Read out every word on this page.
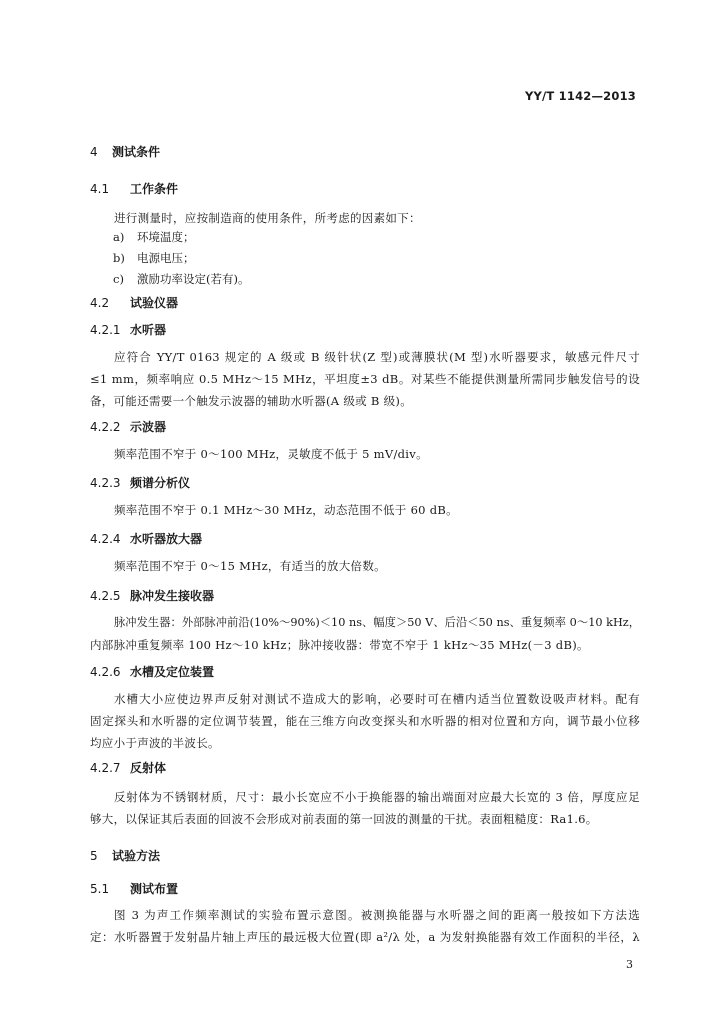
YY/T 1142—2013
4 测试条件
4.1 工作条件
进行测量时，应按制造商的使用条件，所考虑的因素如下：
a) 环境温度；
b) 电源电压；
c) 激励功率设定(若有)。
4.2 试验仪器
4.2.1 水听器
应符合 YY/T 0163 规定的 A 级或 B 级针状(Z 型)或薄膜状(M 型)水听器要求，敏感元件尺寸
≤1 mm，频率响应 0.5 MHz～15 MHz，平坦度±3 dB。对某些不能提供测量所需同步触发信号的设
备，可能还需要一个触发示波器的辅助水听器(A 级或 B 级)。
4.2.2 示波器
频率范围不窄于 0～100 MHz，灵敏度不低于 5 mV/div。
4.2.3 频谱分析仪
频率范围不窄于 0.1 MHz～30 MHz，动态范围不低于 60 dB。
4.2.4 水听器放大器
频率范围不窄于 0～15 MHz，有适当的放大倍数。
4.2.5 脉冲发生接收器
脉冲发生器：外部脉冲前沿(10%～90%)＜10 ns、幅度＞50 V、后沿＜50 ns、重复频率 0～10 kHz，
内部脉冲重复频率 100 Hz～10 kHz；脉冲接收器：带宽不窄于 1 kHz～35 MHz(－3 dB)。
4.2.6 水槽及定位装置
水槽大小应使边界声反射对测试不造成大的影响，必要时可在槽内适当位置数设吸声材料。配有
固定探头和水听器的定位调节装置，能在三维方向改变探头和水听器的相对位置和方向，调节最小位移
均应小于声波的半波长。
4.2.7 反射体
反射体为不锈钢材质，尺寸：最小长宽应不小于换能器的输出端面对应最大长宽的 3 倍，厚度应足
够大，以保证其后表面的回波不会形成对前表面的第一回波的测量的干扰。表面粗糙度：Ra1.6。
5 试验方法
5.1 测试布置
图 3 为声工作频率测试的实验布置示意图。被测换能器与水听器之间的距离一般按如下方法选
定：水听器置于发射晶片轴上声压的最远极大位置(即 a²/λ 处，a 为发射换能器有效工作面积的半径，λ
3
